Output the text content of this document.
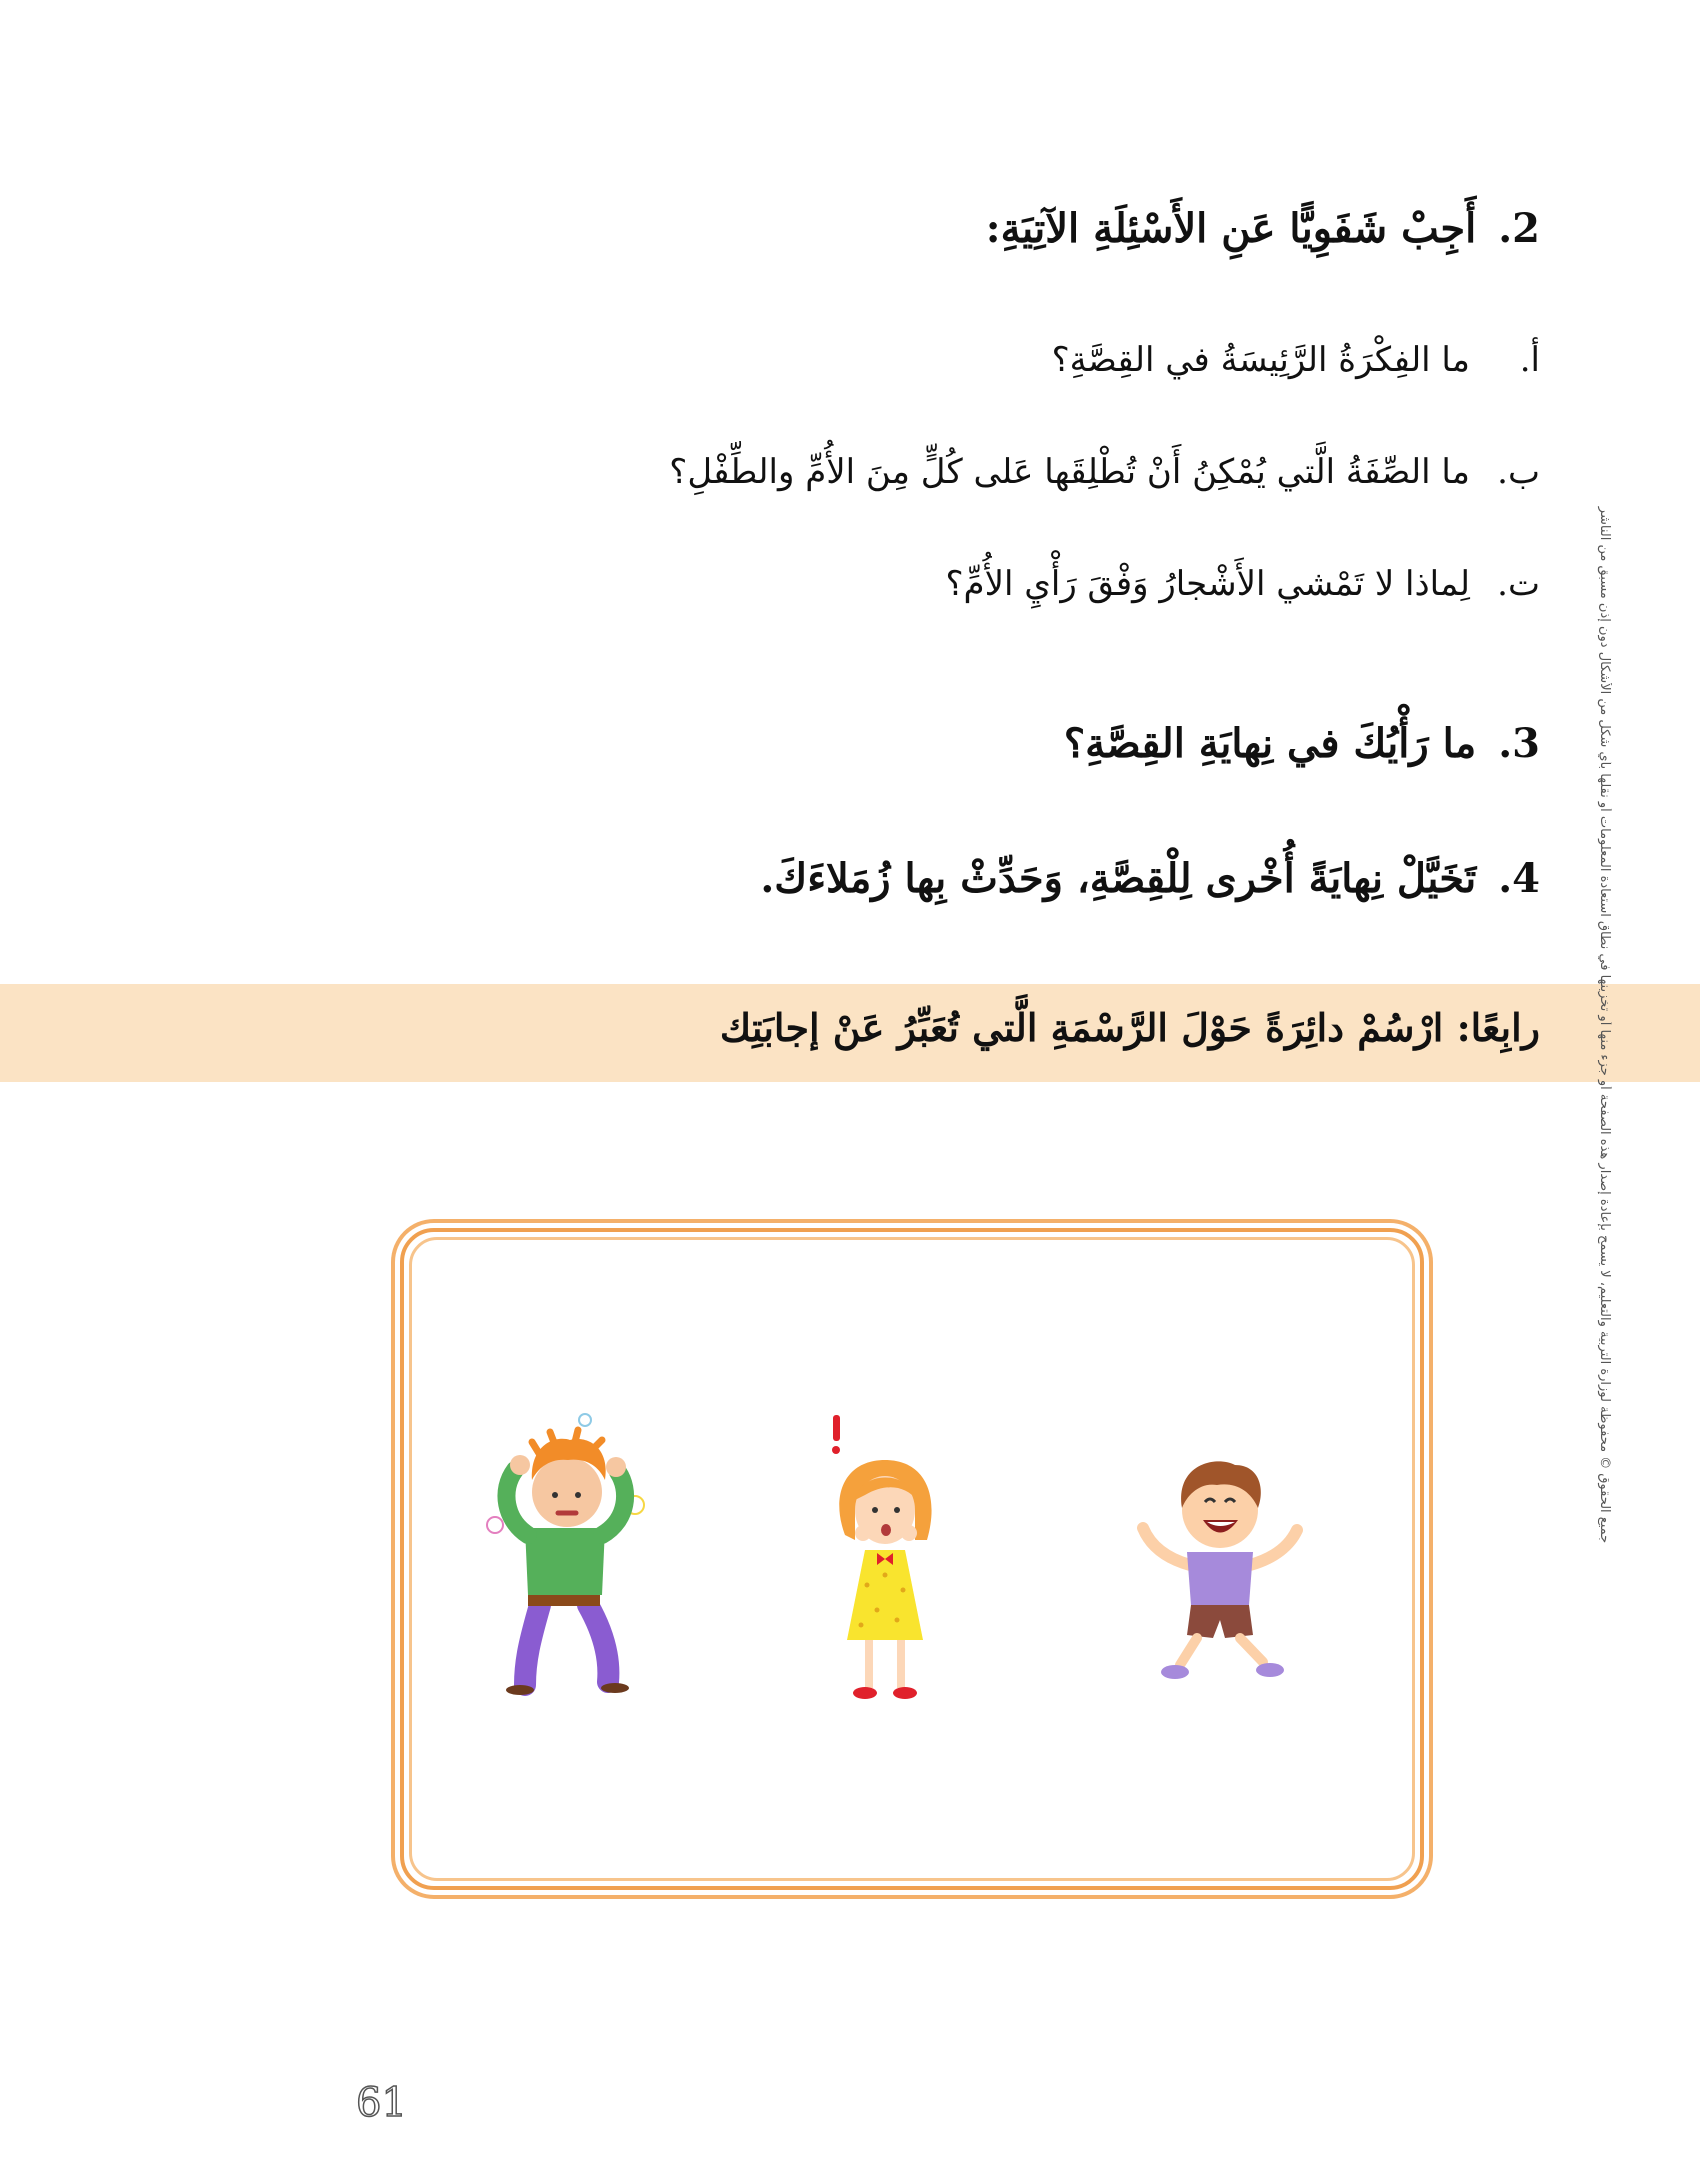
2.أَجِبْ شَفَوِيًّا عَنِ الأَسْئِلَةِ الآتِيَةِ:
أ.
ما الفِكْرَةُ الرَّئِيسَةُ في القِصَّةِ؟
ب.
ما الصِّفَةُ الَّتي يُمْكِنُ أَنْ تُطْلِقَها عَلى كُلٍّ مِنَ الأُمِّ والطِّفْلِ؟
ت.
لِماذا لا تَمْشي الأَشْجارُ وَفْقَ رَأْيِ الأُمِّ؟
3.ما رَأْيُكَ في نِهايَةِ القِصَّةِ؟
4.تَخَيَّلْ نِهايَةً أُخْرى لِلْقِصَّةِ، وَحَدِّثْ بِها زُمَلاءَكَ.
رابِعًا: ارْسُمْ دائِرَةً حَوْلَ الرَّسْمَةِ الَّتي تُعَبِّرُ عَنْ إجابَتِك	جميع الحقوق © محفوظة لوزارة التربية والتعليم، لا يسمح بإعادة إصدار هذه الصفحة أو جزء منها أو تخزينها في نطاق استعادة المعلومات أو نقلها بأي شكل من الأشكال دون إذن مسبق من الناشر
61
